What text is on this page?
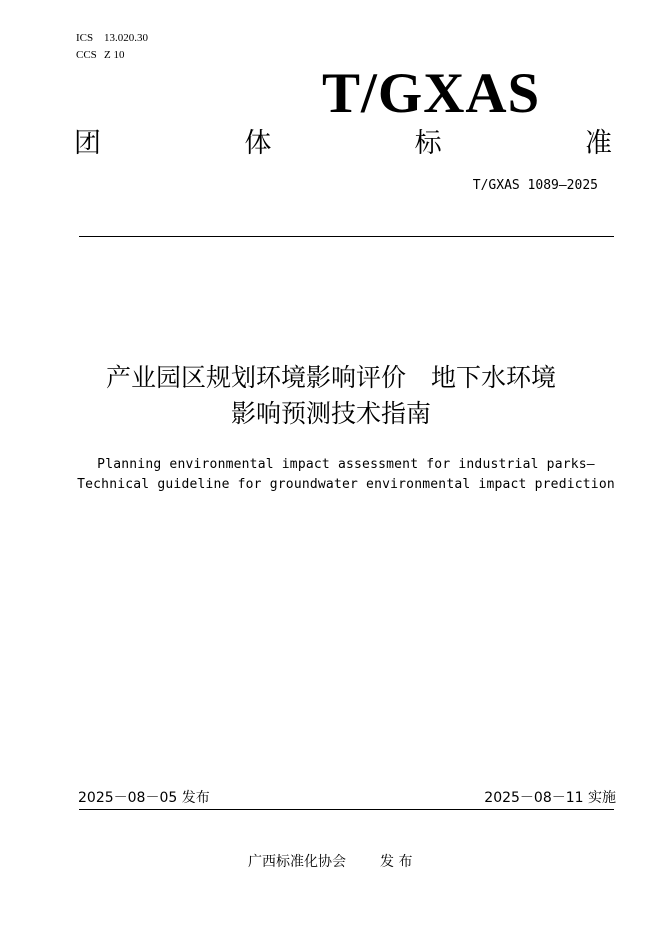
ICS 13.020.30
CCS Z 10
T/GXAS
团	体	标	准
T/GXAS 1089—2025
产业园区规划环境影响评价　地下水环境
影响预测技术指南
Planning environmental impact assessment for industrial parks—
Technical guideline for groundwater environmental impact prediction
2025－08－05 发布	2025－08－11 实施
广西标准化协会 发 布
